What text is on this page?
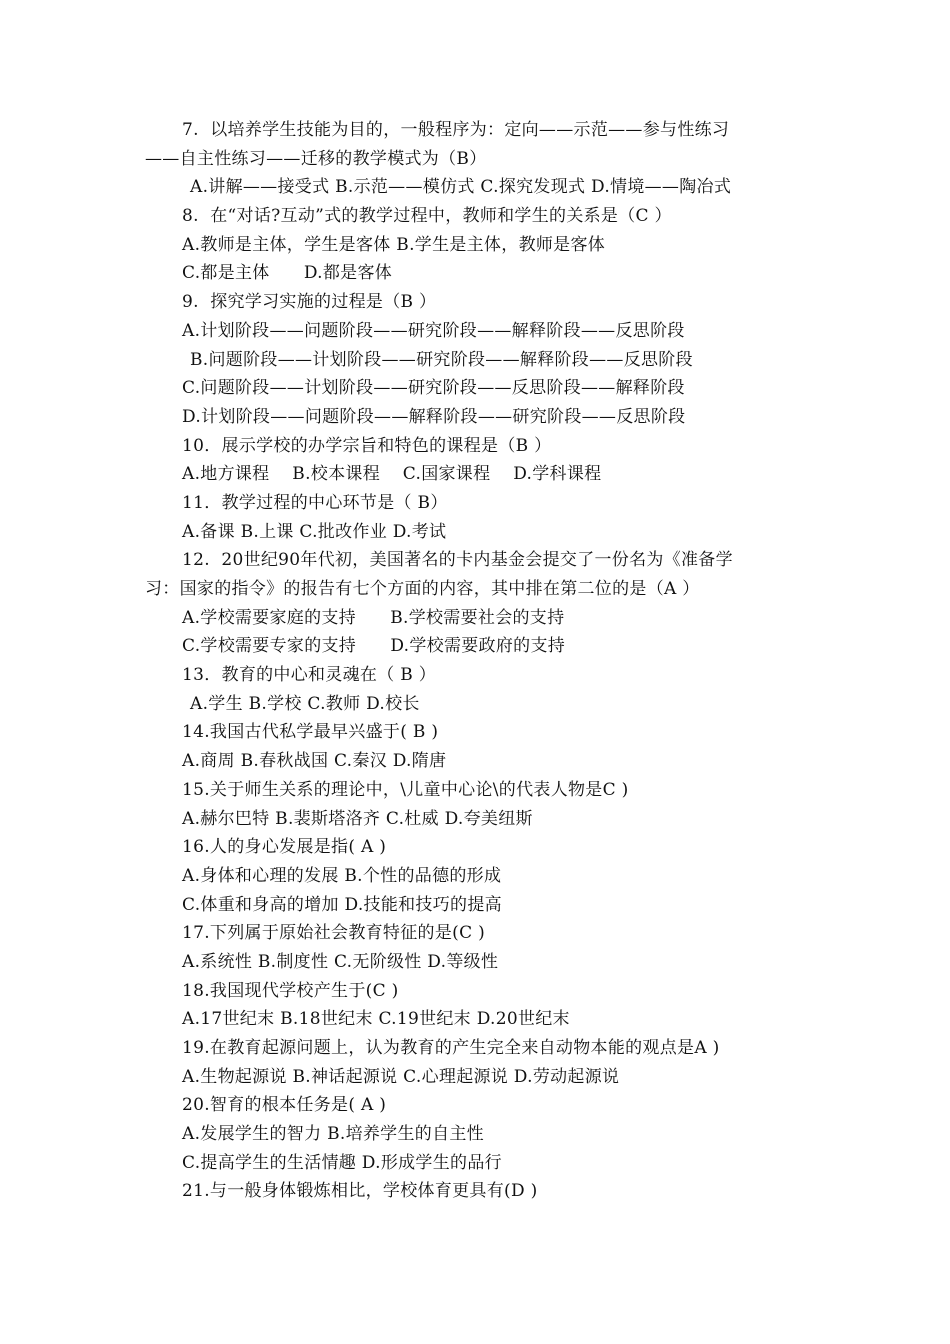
7.  以培养学生技能为目的，一般程序为：定向——示范——参与性练习
——自主性练习——迁移的教学模式为（B）
A.讲解——接受式 B.示范——模仿式 C.探究发现式 D.情境——陶冶式
8.  在“对话?互动”式的教学过程中，教师和学生的关系是（C ）
A.教师是主体，学生是客体 B.学生是主体，教师是客体
C.都是主体      D.都是客体
9.  探究学习实施的过程是（B ）
A.计划阶段——问题阶段——研究阶段——解释阶段——反思阶段
B.问题阶段——计划阶段——研究阶段——解释阶段——反思阶段
C.问题阶段——计划阶段——研究阶段——反思阶段——解释阶段
D.计划阶段——问题阶段——解释阶段——研究阶段——反思阶段
10．展示学校的办学宗旨和特色的课程是（B ）
A.地方课程    B.校本课程    C.国家课程    D.学科课程
11．教学过程的中心环节是（ B）
A.备课 B.上课 C.批改作业 D.考试
12.  20世纪90年代初，美国著名的卡内基金会提交了一份名为《准备学
习：国家的指令》的报告有七个方面的内容，其中排在第二位的是（A ）
A.学校需要家庭的支持      B.学校需要社会的支持
C.学校需要专家的支持      D.学校需要政府的支持
13．教育的中心和灵魂在（ B ）
A.学生 B.学校 C.教师 D.校长
14.我国古代私学最早兴盛于( B )
A.商周 B.春秋战国 C.秦汉 D.隋唐
15.关于师生关系的理论中，\儿童中心论\的代表人物是C )
A.赫尔巴特 B.裴斯塔洛齐 C.杜威 D.夸美纽斯
16.人的身心发展是指( A )
A.身体和心理的发展 B.个性的品德的形成
C.体重和身高的增加 D.技能和技巧的提高
17.下列属于原始社会教育特征的是(C )
A.系统性 B.制度性 C.无阶级性 D.等级性
18.我国现代学校产生于(C )
A.17世纪末 B.18世纪末 C.19世纪末 D.20世纪末
19.在教育起源问题上，认为教育的产生完全来自动物本能的观点是A )
A.生物起源说 B.神话起源说 C.心理起源说 D.劳动起源说
20.智育的根本任务是( A )
A.发展学生的智力 B.培养学生的自主性
C.提高学生的生活情趣 D.形成学生的品行
21.与一般身体锻炼相比，学校体育更具有(D )
